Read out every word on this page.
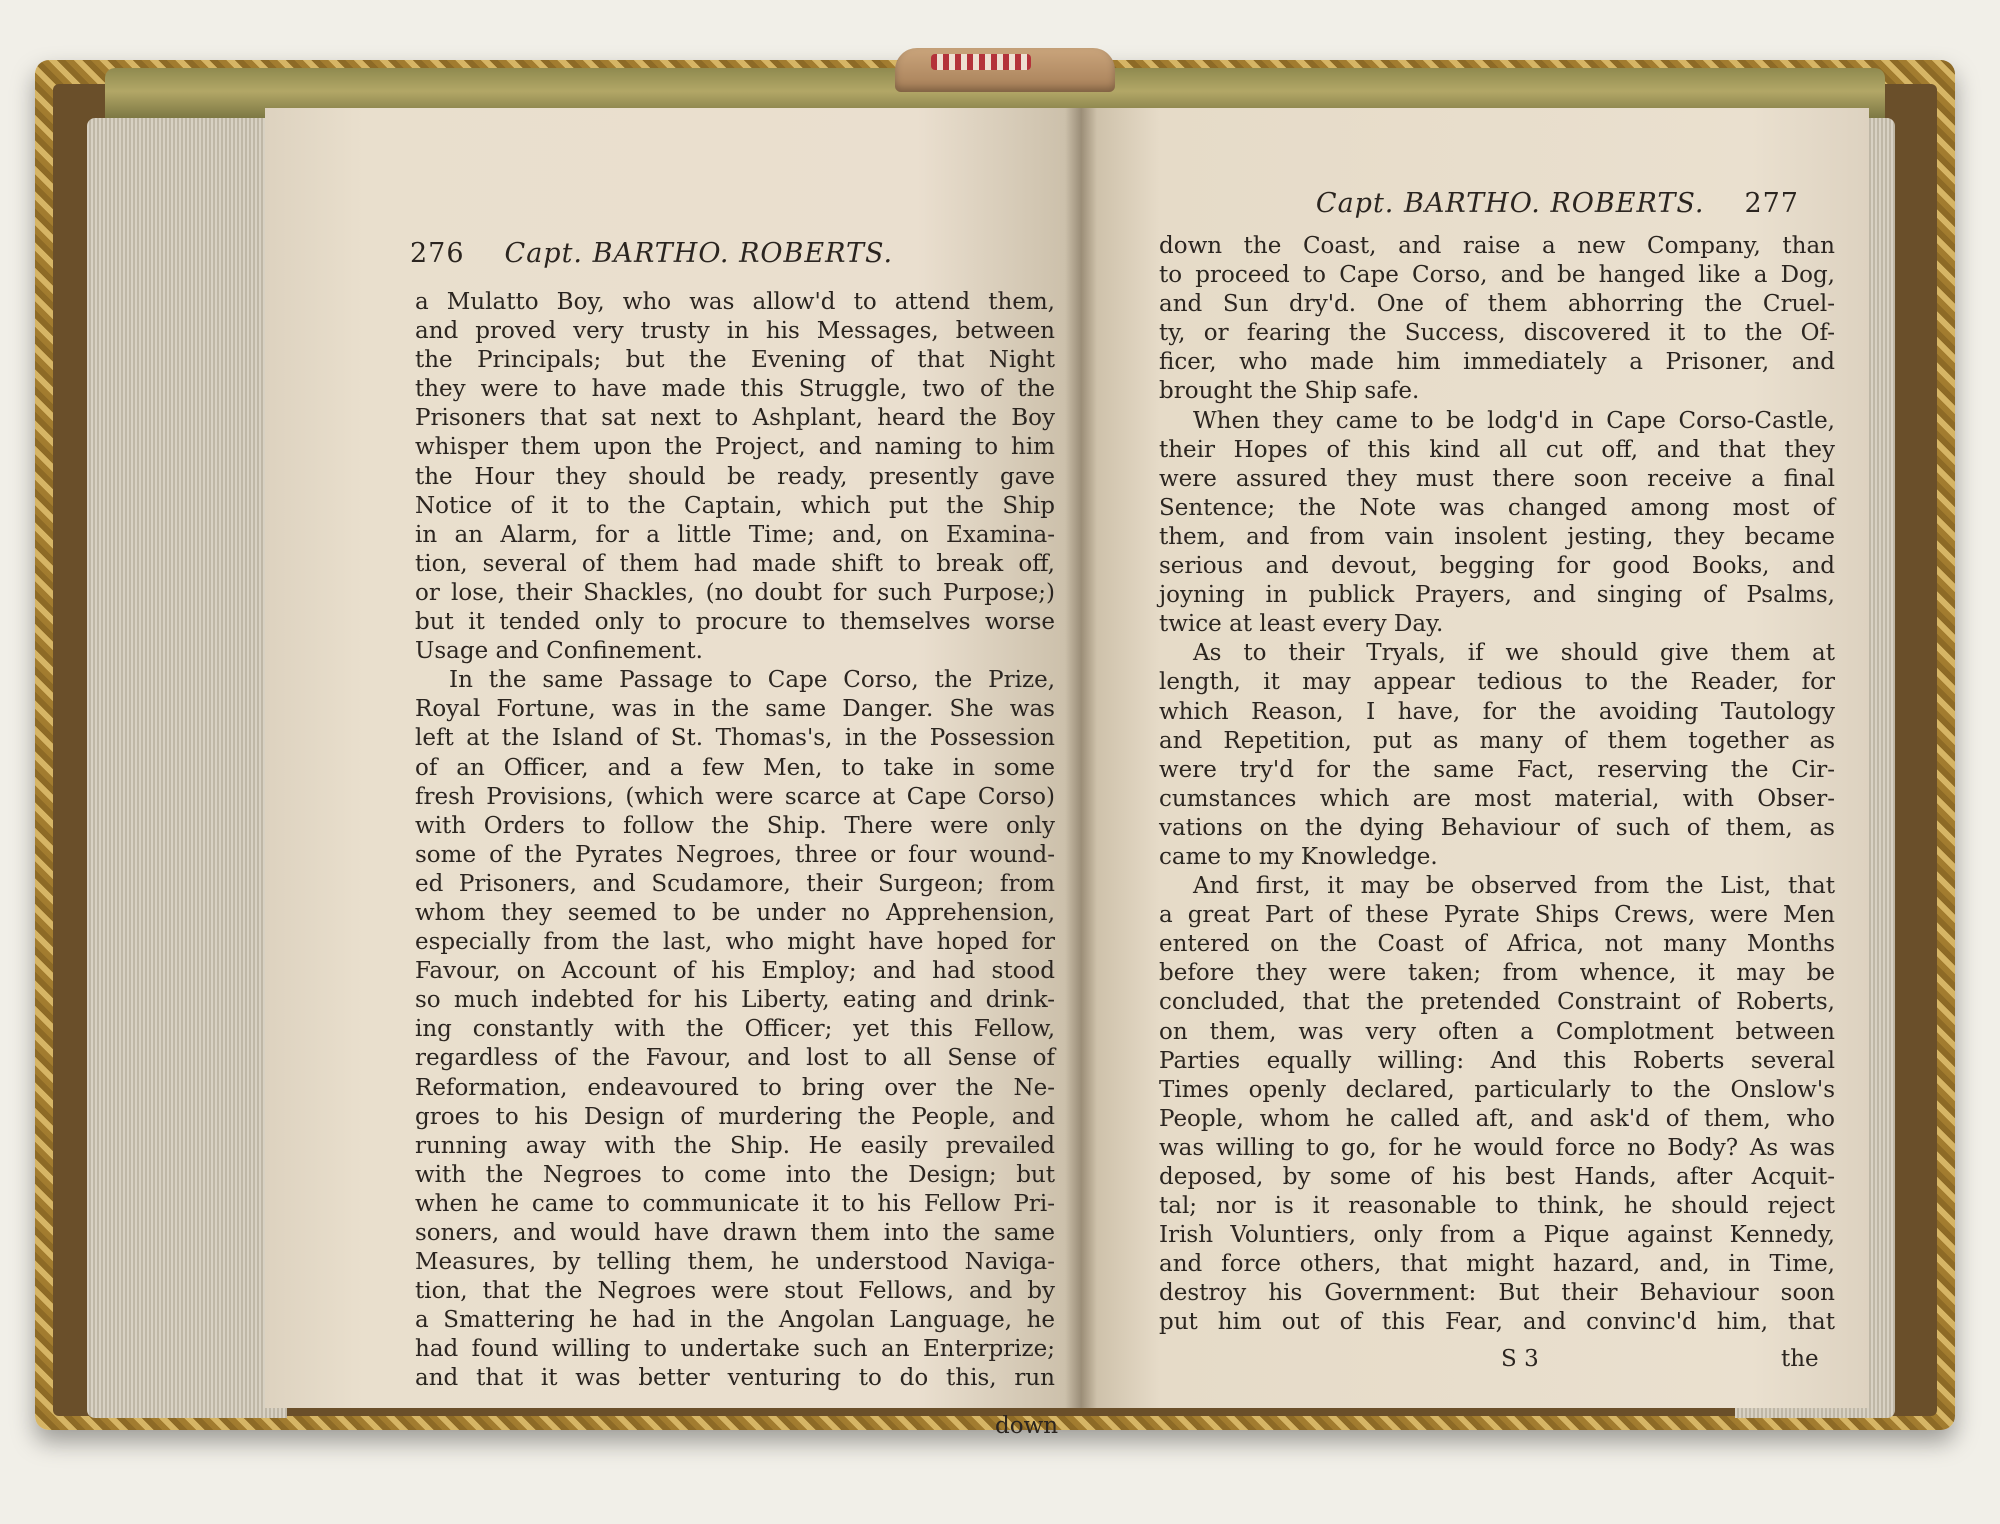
276 Capt. BARTHO. ROBERTS.
a Mulatto Boy, who was allow'd to attend them,
and proved very trusty in his Messages, between
the Principals; but the Evening of that Night
they were to have made this Struggle, two of the
Prisoners that sat next to Ashplant, heard the Boy
whisper them upon the Project, and naming to him
the Hour they should be ready, presently gave
Notice of it to the Captain, which put the Ship
in an Alarm, for a little Time; and, on Examina-
tion, several of them had made shift to break off,
or lose, their Shackles, (no doubt for such Purpose;)
but it tended only to procure to themselves worse
Usage and Confinement.
In the same Passage to Cape Corso, the Prize,
Royal Fortune, was in the same Danger. She was
left at the Island of St. Thomas's, in the Possession
of an Officer, and a few Men, to take in some
fresh Provisions, (which were scarce at Cape Corso)
with Orders to follow the Ship. There were only
some of the Pyrates Negroes, three or four wound-
ed Prisoners, and Scudamore, their Surgeon; from
whom they seemed to be under no Apprehension,
especially from the last, who might have hoped for
Favour, on Account of his Employ; and had stood
so much indebted for his Liberty, eating and drink-
ing constantly with the Officer; yet this Fellow,
regardless of the Favour, and lost to all Sense of
Reformation, endeavoured to bring over the Ne-
groes to his Design of murdering the People, and
running away with the Ship. He easily prevailed
with the Negroes to come into the Design; but
when he came to communicate it to his Fellow Pri-
soners, and would have drawn them into the same
Measures, by telling them, he understood Naviga-
tion, that the Negroes were stout Fellows, and by
a Smattering he had in the Angolan Language, he
had found willing to undertake such an Enterprize;
and that it was better venturing to do this, run
down
Capt. BARTHO. ROBERTS. 277
down the Coast, and raise a new Company, than
to proceed to Cape Corso, and be hanged like a Dog,
and Sun dry'd. One of them abhorring the Cruel-
ty, or fearing the Success, discovered it to the Of-
ficer, who made him immediately a Prisoner, and
brought the Ship safe.
When they came to be lodg'd in Cape Corso-Castle,
their Hopes of this kind all cut off, and that they
were assured they must there soon receive a final
Sentence; the Note was changed among most of
them, and from vain insolent jesting, they became
serious and devout, begging for good Books, and
joyning in publick Prayers, and singing of Psalms,
twice at least every Day.
As to their Tryals, if we should give them at
length, it may appear tedious to the Reader, for
which Reason, I have, for the avoiding Tautology
and Repetition, put as many of them together as
were try'd for the same Fact, reserving the Cir-
cumstances which are most material, with Obser-
vations on the dying Behaviour of such of them, as
came to my Knowledge.
And first, it may be observed from the List, that
a great Part of these Pyrate Ships Crews, were Men
entered on the Coast of Africa, not many Months
before they were taken; from whence, it may be
concluded, that the pretended Constraint of Roberts,
on them, was very often a Complotment between
Parties equally willing: And this Roberts several
Times openly declared, particularly to the Onslow's
People, whom he called aft, and ask'd of them, who
was willing to go, for he would force no Body? As was
deposed, by some of his best Hands, after Acquit-
tal; nor is it reasonable to think, he should reject
Irish Voluntiers, only from a Pique against Kennedy,
and force others, that might hazard, and, in Time,
destroy his Government: But their Behaviour soon
put him out of this Fear, and convinc'd him, that
S 3	the
